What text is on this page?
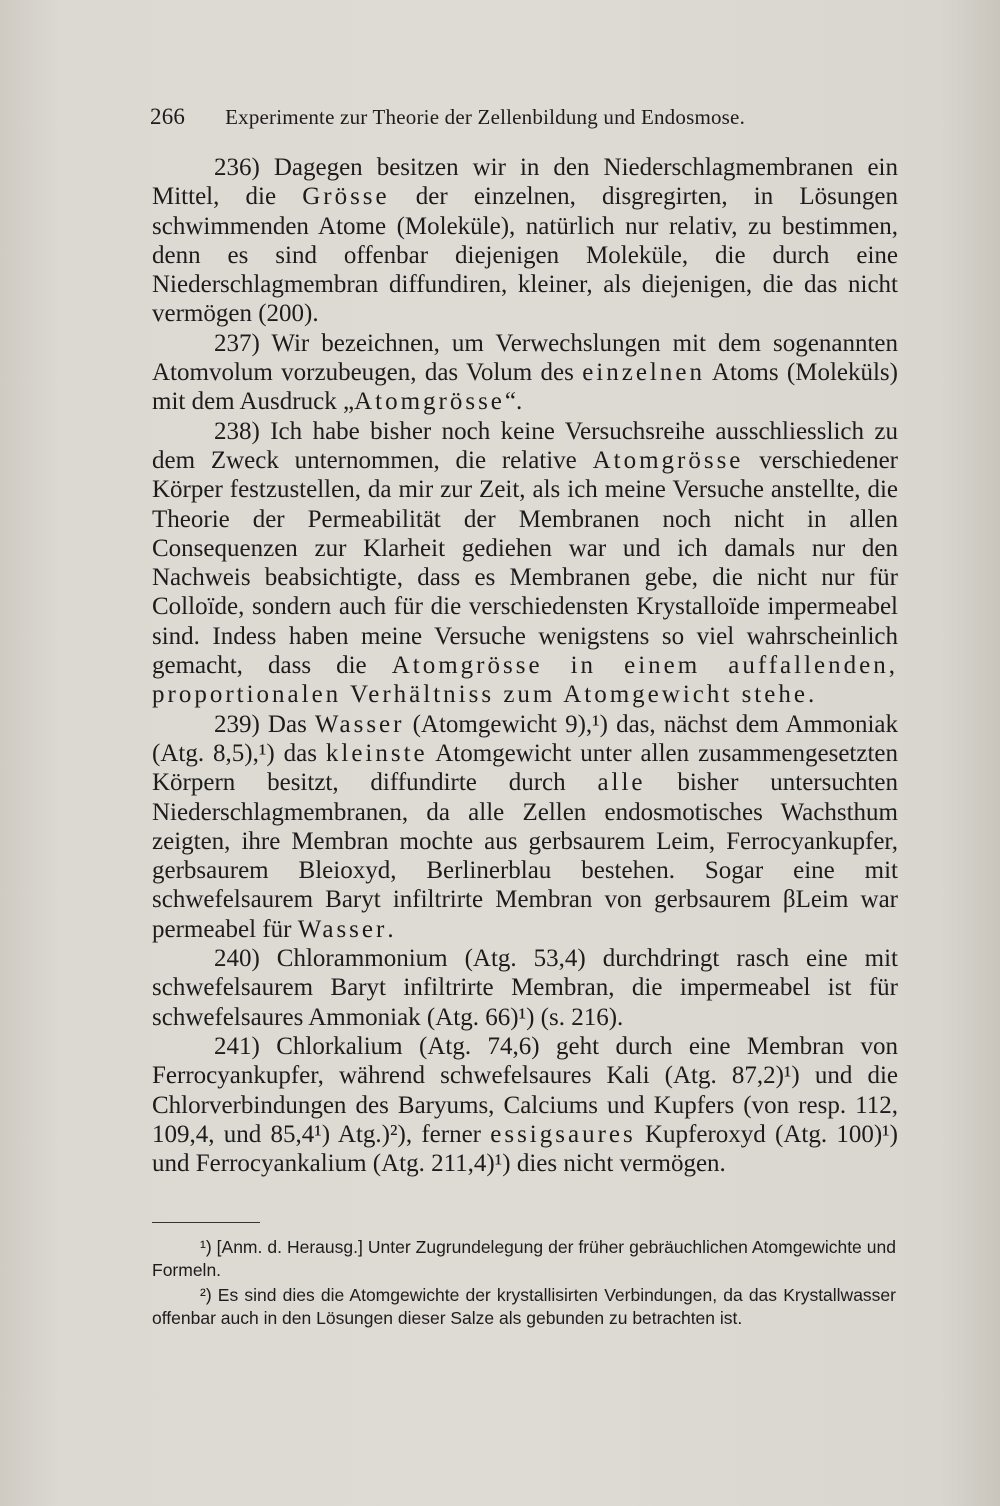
266 Experimente zur Theorie der Zellenbildung und Endosmose.

236) Dagegen besitzen wir in den Niederschlagmembranen ein Mittel, die Grösse der einzelnen, disgregirten, in Lösungen schwimmenden Atome (Moleküle), natürlich nur relativ, zu bestimmen, denn es sind offenbar diejenigen Moleküle, die durch eine Niederschlagmembran diffundiren, kleiner, als diejenigen, die das nicht vermögen (200).

237) Wir bezeichnen, um Verwechslungen mit dem sogenannten Atomvolum vorzubeugen, das Volum des einzelnen Atoms (Moleküls) mit dem Ausdruck „Atomgrösse“.

238) Ich habe bisher noch keine Versuchsreihe ausschliesslich zu dem Zweck unternommen, die relative Atomgrösse verschiedener Körper festzustellen, da mir zur Zeit, als ich meine Versuche anstellte, die Theorie der Permeabilität der Membranen noch nicht in allen Consequenzen zur Klarheit gediehen war und ich damals nur den Nachweis beabsichtigte, dass es Membranen gebe, die nicht nur für Colloïde, sondern auch für die verschiedensten Krystalloïde impermeabel sind. Indess haben meine Versuche wenigstens so viel wahrscheinlich gemacht, dass die Atomgrösse in einem auffallenden, proportionalen Verhältniss zum Atomgewicht stehe.

239) Das Wasser (Atomgewicht 9),¹) das, nächst dem Ammoniak (Atg. 8,5),¹) das kleinste Atomgewicht unter allen zusammengesetzten Körpern besitzt, diffundirte durch alle bisher untersuchten Niederschlagmembranen, da alle Zellen endosmotisches Wachsthum zeigten, ihre Membran mochte aus gerbsaurem Leim, Ferrocyankupfer, gerbsaurem Bleioxyd, Berlinerblau bestehen. Sogar eine mit schwefelsaurem Baryt infiltrirte Membran von gerbsaurem βLeim war permeabel für Wasser.

240) Chlorammonium (Atg. 53,4) durchdringt rasch eine mit schwefelsaurem Baryt infiltrirte Membran, die impermeabel ist für schwefelsaures Ammoniak (Atg. 66)¹) (s. 216).

241) Chlorkalium (Atg. 74,6) geht durch eine Membran von Ferrocyankupfer, während schwefelsaures Kali (Atg. 87,2)¹) und die Chlorverbindungen des Baryums, Calciums und Kupfers (von resp. 112, 109,4, und 85,4¹) Atg.)²), ferner essigsaures Kupferoxyd (Atg. 100)¹) und Ferrocyankalium (Atg. 211,4)¹) dies nicht vermögen.

¹) [Anm. d. Herausg.] Unter Zugrundelegung der früher gebräuchlichen Atomgewichte und Formeln.

²) Es sind dies die Atomgewichte der krystallisirten Verbindungen, da das Krystallwasser offenbar auch in den Lösungen dieser Salze als gebunden zu betrachten ist.
